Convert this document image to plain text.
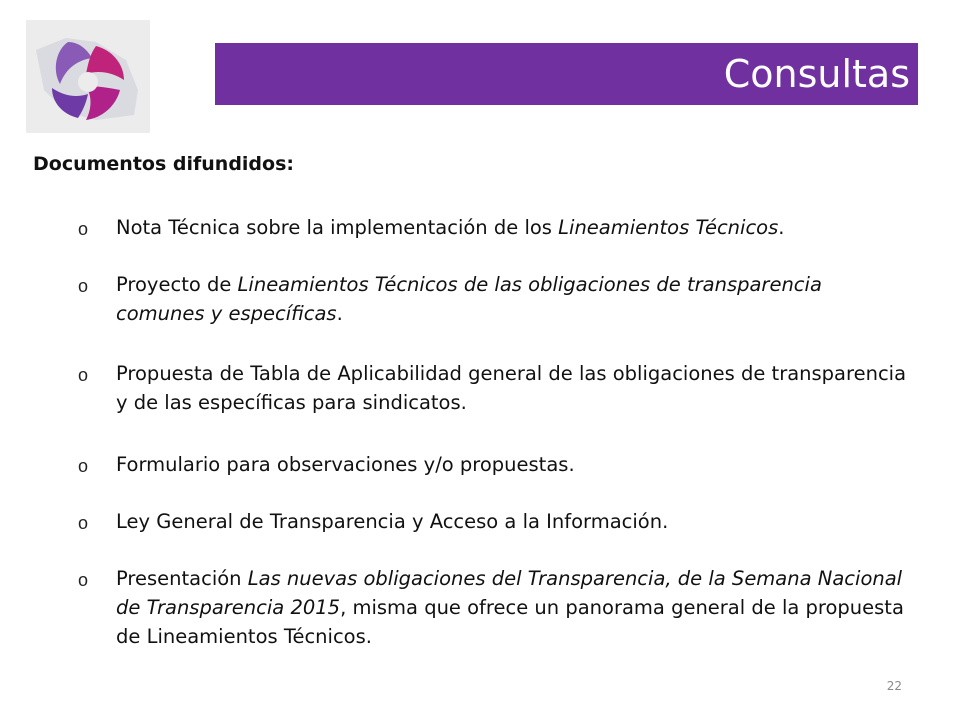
Consultas
Documentos difundidos:
o Nota Técnica sobre la implementación de los Lineamientos Técnicos.
o Proyecto de Lineamientos Técnicos de las obligaciones de transparencia comunes y específicas.
o Propuesta de Tabla de Aplicabilidad general de las obligaciones de transparencia y de las específicas para sindicatos.
o Formulario para observaciones y/o propuestas.
o Ley General de Transparencia y Acceso a la Información.
o Presentación Las nuevas obligaciones del Transparencia, de la Semana Nacional de Transparencia 2015, misma que ofrece un panorama general de la propuesta de Lineamientos Técnicos.
22
